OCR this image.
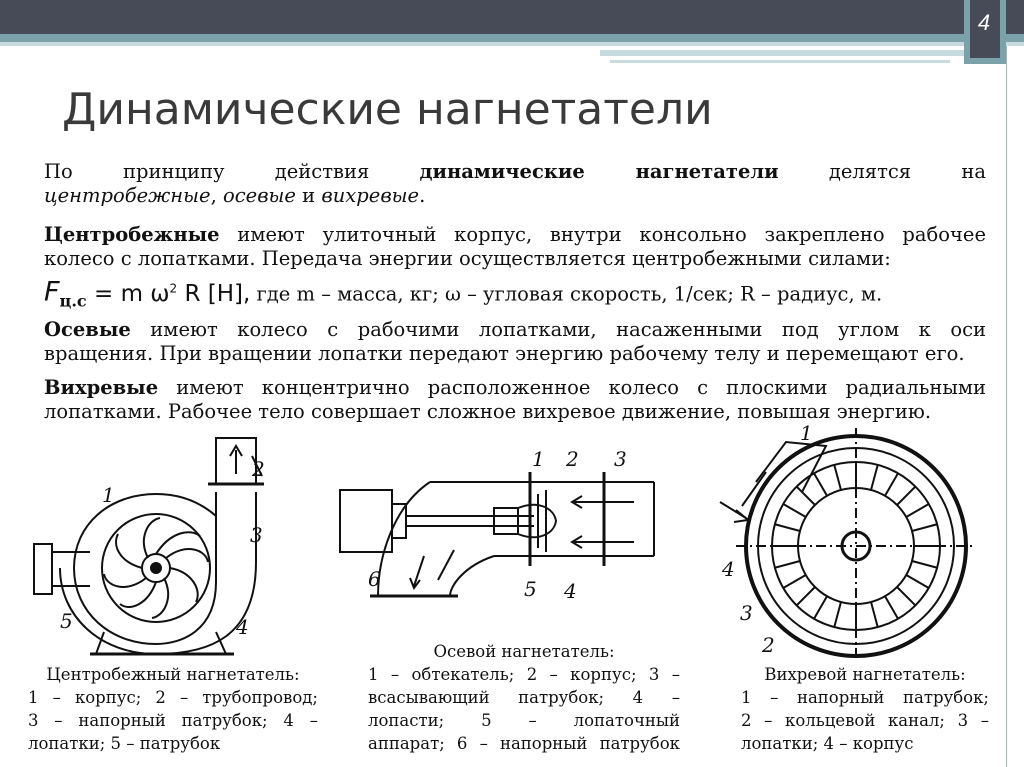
4
Динамические нагнетатели
По принципу действия динамические нагнетатели делятся на
центробежные, осевые и вихревые.
Центробежные имеют улиточный корпус, внутри консольно закреплено рабочее
колесо с лопатками. Передача энергии осуществляется центробежными силами:
$F_{ц.с} = m$ $\omega^2$ R [Н], где m – масса, кг; ω – угловая скорость, 1/сек; R – радиус, м.
Осевые имеют колесо с рабочими лопатками, насаженными под углом к оси
вращения. При вращении лопатки передают энергию рабочему телу и перемещают его.
Вихревые имеют концентрично расположенное колесо с плоскими радиальными
лопатками. Рабочее тело совершает сложное вихревое движение, повышая энергию.
1
2
3
4
5
1 2 3
4
5
6
1
2
3
4
Центробежный нагнетатель:
1 – корпус; 2 – трубопровод;
3 – напорный патрубок; 4 –
лопатки; 5 – патрубок
Осевой нагнетатель:
1 – обтекатель; 2 – корпус; 3 –
всасывающий патрубок; 4 –
лопасти; 5 – лопаточный
аппарат; 6 – напорный патрубок
Вихревой нагнетатель:
1 – напорный патрубок;
2 – кольцевой канал; 3 –
лопатки; 4 – корпус
